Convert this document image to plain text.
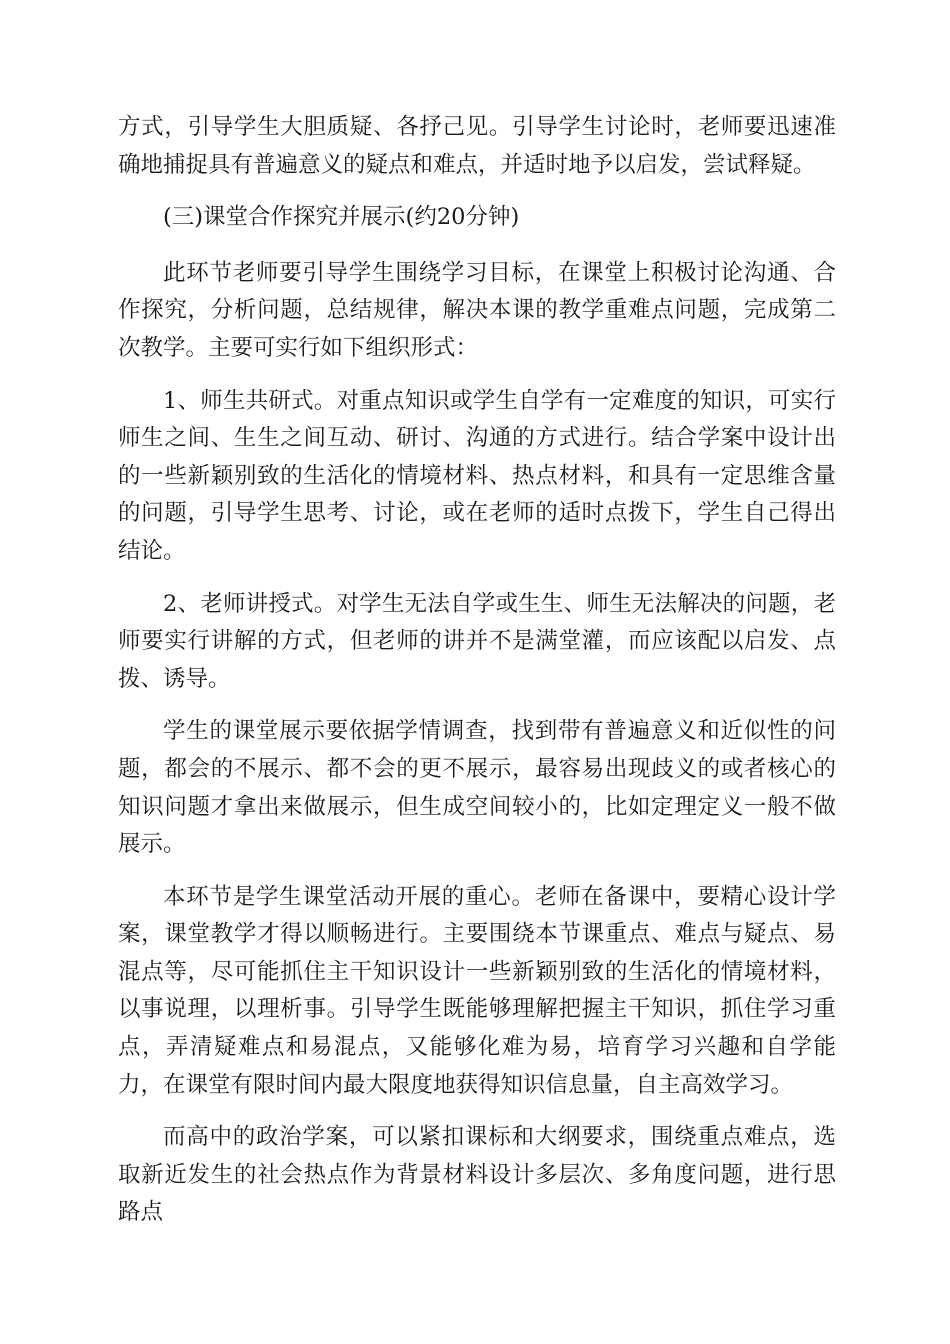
方式，引导学生大胆质疑、各抒己见。引导学生讨论时，老师要迅速准确地捕捉具有普遍意义的疑点和难点，并适时地予以启发，尝试释疑。

(三)课堂合作探究并展示(约20分钟)

此环节老师要引导学生围绕学习目标，在课堂上积极讨论沟通、合作探究，分析问题，总结规律，解决本课的教学重难点问题，完成第二次教学。主要可实行如下组织形式：

1、师生共研式。对重点知识或学生自学有一定难度的知识，可实行师生之间、生生之间互动、研讨、沟通的方式进行。结合学案中设计出的一些新颖别致的生活化的情境材料、热点材料，和具有一定思维含量的问题，引导学生思考、讨论，或在老师的适时点拨下，学生自己得出结论。

2、老师讲授式。对学生无法自学或生生、师生无法解决的问题，老师要实行讲解的方式，但老师的讲并不是满堂灌，而应该配以启发、点拨、诱导。

学生的课堂展示要依据学情调查，找到带有普遍意义和近似性的问题，都会的不展示、都不会的更不展示，最容易出现歧义的或者核心的知识问题才拿出来做展示，但生成空间较小的，比如定理定义一般不做展示。

本环节是学生课堂活动开展的重心。老师在备课中，要精心设计学案，课堂教学才得以顺畅进行。主要围绕本节课重点、难点与疑点、易混点等，尽可能抓住主干知识设计一些新颖别致的生活化的情境材料，以事说理，以理析事。引导学生既能够理解把握主干知识，抓住学习重点，弄清疑难点和易混点，又能够化难为易，培育学习兴趣和自学能力，在课堂有限时间内最大限度地获得知识信息量，自主高效学习。

而高中的政治学案，可以紧扣课标和大纲要求，围绕重点难点，选取新近发生的社会热点作为背景材料设计多层次、多角度问题，进行思路点
